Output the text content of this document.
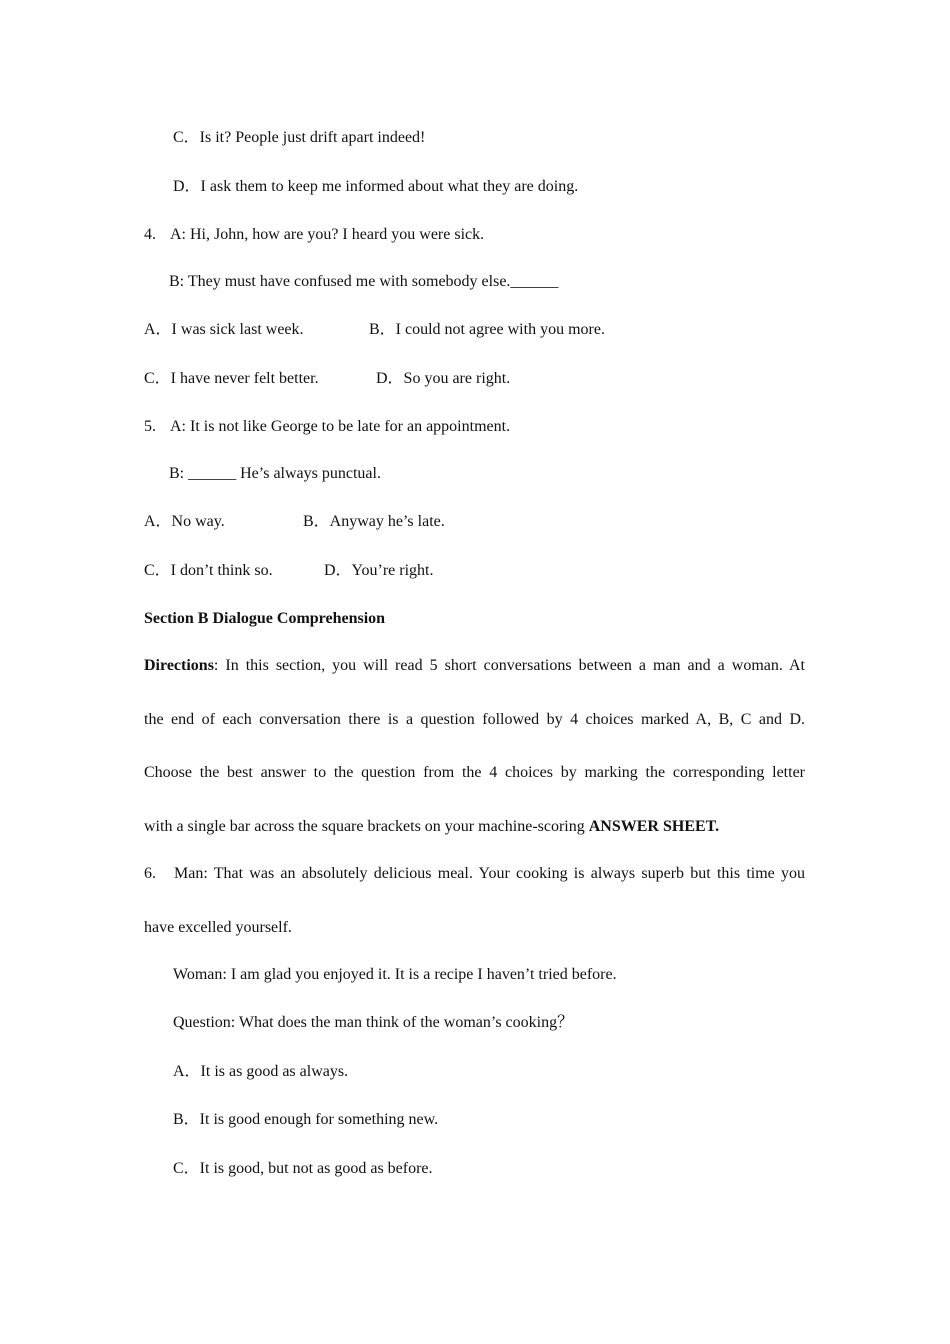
C．Is it? People just drift apart indeed!
D．I ask them to keep me informed about what they are doing.
4. A: Hi, John, how are you? I heard you were sick.
B: They must have confused me with somebody else.______
A．I was sick last week.	B．I could not agree with you more.
C．I have never felt better.	D．So you are right.
5. A: It is not like George to be late for an appointment.
B: ______ He’s always punctual.
A．No way.	B．Anyway he’s late.
C．I don’t think so.	D．You’re right.
Section B Dialogue Comprehension
Directions: In this section, you will read 5 short conversations between a man and a woman. At
the end of each conversation there is a question followed by 4 choices marked A, B, C and D.
Choose the best answer to the question from the 4 choices by marking the corresponding letter
with a single bar across the square brackets on your machine-scoring ANSWER SHEET.
6. Man: That was an absolutely delicious meal. Your cooking is always superb but this time you
have excelled yourself.
Woman: I am glad you enjoyed it. It is a recipe I haven’t tried before.
Question: What does the man think of the woman’s cooking？
A．It is as good as always.
B．It is good enough for something new.
C．It is good, but not as good as before.
